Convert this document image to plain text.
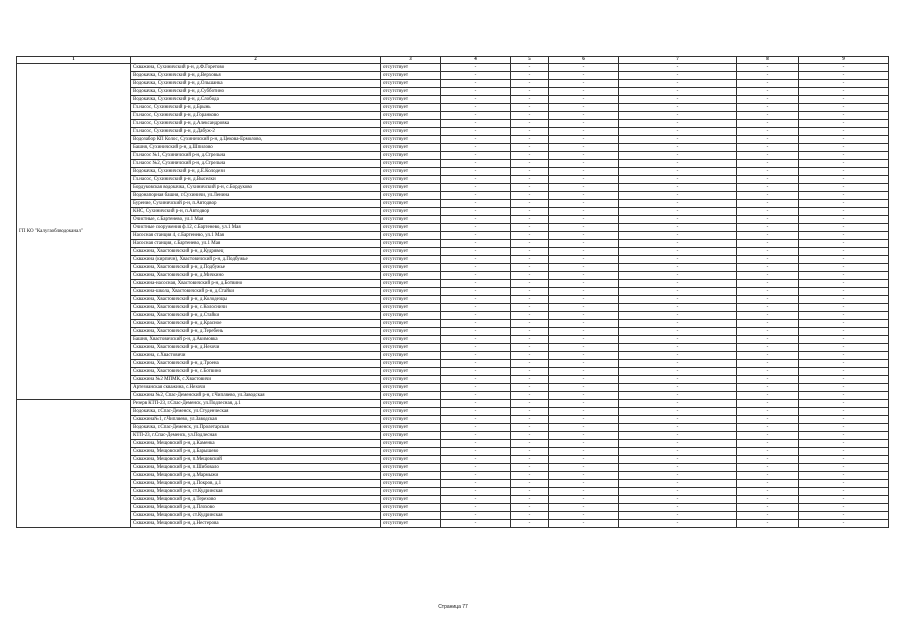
1	2	3	4	5	6	7	8	9
ГП КО "Калугаоблводоканал"	Скважина, Сухиничский р-н, д.Ф.Горетово	отсутствует	-	-	-	-	-	-
	Водокачка, Сухиничский р-н, д.Верховья	отсутствует	-	-	-	-	-	-
	Водокачка, Сухиничский р-н, д.Ольшанка	отсутствует	-	-	-	-	-	-
	Водокачка, Сухиничский р-н, д.Субботино	отсутствует	-	-	-	-	-	-
	Водокачка, Сухиничский р-н, д.Слобода	отсутствует	-	-	-	-	-	-
	Гл.насос, Сухиничский р-н, д.Брынь	отсутствует	-	-	-	-	-	-
	Гл.насос, Сухиничский р-н, д.Горанково	отсутствует	-	-	-	-	-	-
	Гл.насос, Сухиничский р-н, д.Александровка	отсутствует	-	-	-	-	-	-
	Гл.насос, Сухиничский р-н, д.Дабуж-2	отсутствует	-	-	-	-	-	-
	Водозабор КП Колос, Сухиничский р-н, д.Цекова-Ермолово,	отсутствует	-	-	-	-	-	-
	Башня, Сухиничский р-н, д.Шпилово	отсутствует	-	-	-	-	-	-
	Гл.насос №1, Сухиничский р-н, д.Стрельна	отсутствует	-	-	-	-	-	-
	Гл.насос №2, Сухиничский р-н, д.Стрельна	отсутствует	-	-	-	-	-	-
	Водокачка, Сухиничский р-н, д.Е.Колодези	отсутствует	-	-	-	-	-	-
	Гл.насос, Сухиничский р-н, д.Выселки	отсутствует	-	-	-	-	-	-
	Бордуковская водокачка, Сухиничский р-н, с.Бордуково	отсутствует	-	-	-	-	-	-
	Водонапорная башня, г.Сухиничи, ул.Ленина	отсутствует	-	-	-	-	-	-
	Бурение, Сухиничский р-н, п.Автодвор	отсутствует	-	-	-	-	-	-
	КНС, Сухиничский р-н, п.Автодвор	отсутствует	-	-	-	-	-	-
	Очистные, с.Бартенево, ул.1 Мая	отсутствует	-	-	-	-	-	-
	Очистные сооружения ф.12, с.Бартенево, ул.1 Мая	отсутствует	-	-	-	-	-	-
	Насосная станция 4, с.Бартенево, ул.1 Мая	отсутствует	-	-	-	-	-	-
	Насосная станция, с.Бартенево, ул.1 Мая	отсутствует	-	-	-	-	-	-
	Скважина, Хвастовичский р-н, д.Кудрявец	отсутствует	-	-	-	-	-	-
	Скважина (кирпичн), Хвастовичский р-н, д.Подбужье	отсутствует	-	-	-	-	-	-
	Скважина, Хвастовичский р-н, д.Подбужье	отсутствует	-	-	-	-	-	-
	Скважина, Хвастовичский р-н, д.Мичкино	отсутствует	-	-	-	-	-	-
	Скважина-насосная, Хвастовичский р-н, д.Ботвино	отсутствует	-	-	-	-	-	-
	Скважина-школа, Хвастовичский р-н, д.Стайки	отсутствует	-	-	-	-	-	-
	Скважина, Хвастовичский р-н, д.Колодезцы	отсутствует	-	-	-	-	-	-
	Скважина, Хвастовичский р-н, с.Колосничи	отсутствует	-	-	-	-	-	-
	Скважина, Хвастовичский р-н, д.Стайки	отсутствует	-	-	-	-	-	-
	Скважина, Хвастовичский р-н, д.Красное	отсутствует	-	-	-	-	-	-
	Скважина, Хвастовичский р-н, д.Теребень	отсутствует	-	-	-	-	-	-
	Башня, Хвастовичский р-н, д.Акимовка	отсутствует	-	-	-	-	-	-
	Скважина, Хвастовичский р-н, д.Нехочи	отсутствует	-	-	-	-	-	-
	Скважина, с.Хвастовичи	отсутствует	-	-	-	-	-	-
	Скважина, Хвастовичский р-н, д.Троена	отсутствует	-	-	-	-	-	-
	Скважина, Хвастовичский р-н, с.Ботвино	отсутствует	-	-	-	-	-	-
	Скважина №2 МПМК, с.Хвастовичи	отсутствует	-	-	-	-	-	-
	Артезианская скважина, с.Нехочи	отсутствует	-	-	-	-	-	-
	Скважина №2, Спас-Деменский р-н, г.Чипляево, ул.Заводская	отсутствует	-	-	-	-	-	-
	Резерв КТП-23, г.Спас-Деменск, ул.Подлесная, д.1	отсутствует	-	-	-	-	-	-
	Водокачка, г.Спас-Деменск, ул.Студенческая	отсутствует	-	-	-	-	-	-
	Скважина№1, г.Чипляево, ул.Заводская	отсутствует	-	-	-	-	-	-
	Водокачка, г.Спас-Деменск, ул.Пролетарская	отсутствует	-	-	-	-	-	-
	КТП-23, г.Спас-Деменск, ул.Подлесная	отсутствует	-	-	-	-	-	-
	Скважина, Мещовский р-н, д.Каменка	отсутствует	-	-	-	-	-	-
	Скважина, Мещовский р-н, д.Барышево	отсутствует	-	-	-	-	-	-
	Скважина, Мещовский р-н, п.Мещовский	отсутствует	-	-	-	-	-	-
	Скважина, Мещовский р-н, п.Шибовало	отсутствует	-	-	-	-	-	-
	Скважина, Мещовский р-н, д.Мармыжи	отсутствует	-	-	-	-	-	-
	Скважина, Мещовский р-н, д.Покров, д.1	отсутствует	-	-	-	-	-	-
	Скважина, Мещовский р-н, ст.Кудринская	отсутствует	-	-	-	-	-	-
	Скважина, Мещовский р-н, д.Терехово	отсутствует	-	-	-	-	-	-
	Скважина, Мещовский р-н, д.Плохово	отсутствует	-	-	-	-	-	-
	Скважина, Мещовский р-н, ст.Кудринская	отсутствует	-	-	-	-	-	-
	Скважина, Мещовский р-н, д.Нестерова	отсутствует	-	-	-	-	-	-
Страница 77
